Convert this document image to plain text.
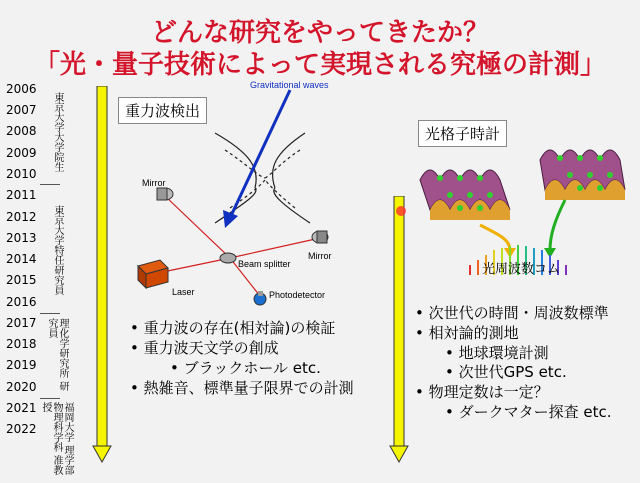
どんな研究をやってきたか？
「光・量子技術によって実現される究極の計測」
2006
2007
2008
2009
2010
2011
2012
2013
2014
2015
2016
2017
2018
2019
2020
2021
2022
東京大学大学院生
東京大学特任研究員
理化学研究所 研究員
福岡大学 理学部物理科学科 准教授
重力波検出
Gravitational waves
Mirror
Mirror
Beam splitter
Laser	Photodetector
• 重力波の存在(相対論)の検証
• 重力波天文学の創成
• ブラックホール etc.
• 熱雑音、標準量子限界での計測
光格子時計
光周波数コム
• 次世代の時間・周波数標準
• 相対論的測地
• 地球環境計測
• 次世代GPS etc.
• 物理定数は一定？
• ダークマター探査 etc.
